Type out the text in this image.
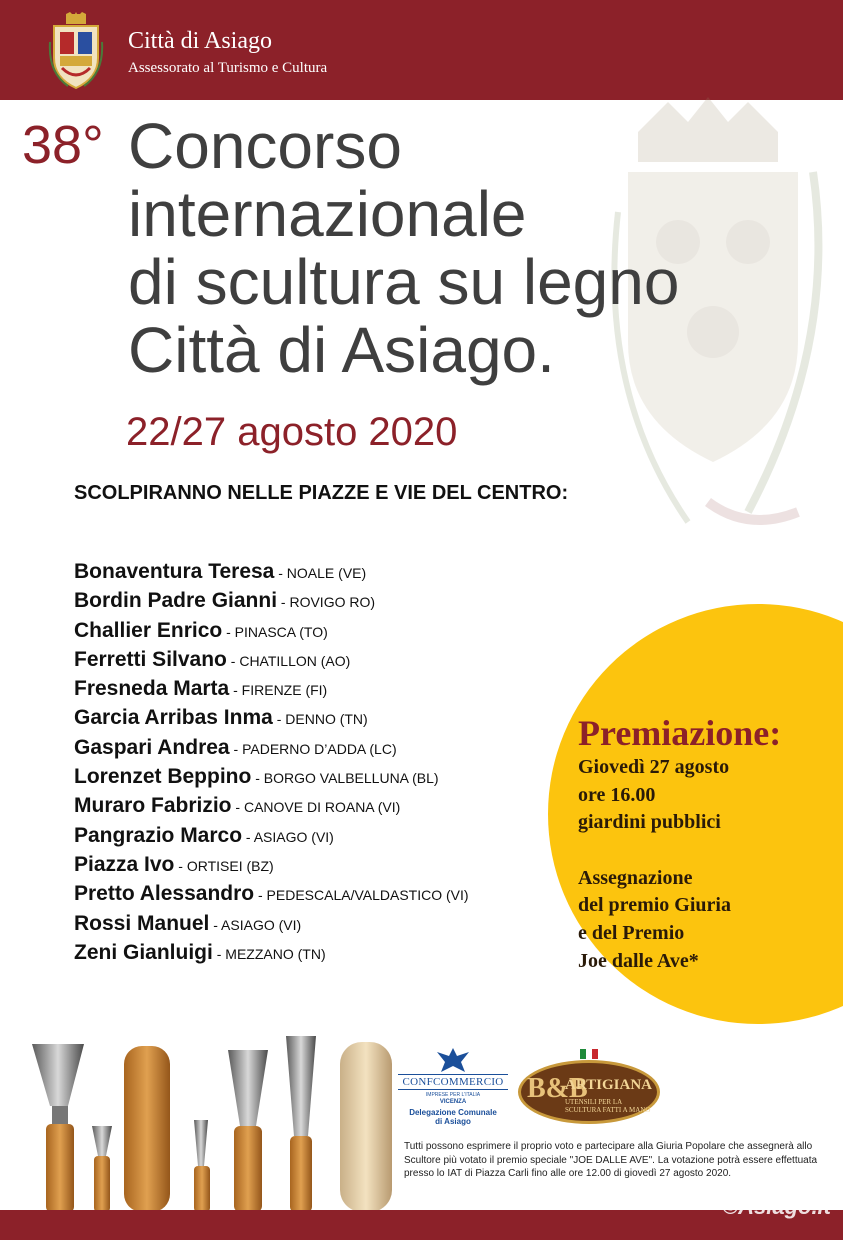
Città di Asiago
Assessorato al Turismo e Cultura
38° Concorso
internazionale
di scultura su legno
Città di Asiago.
22/27 agosto 2020
SCOLPIRANNO NELLE PIAZZE E VIE DEL CENTRO:
Bonaventura Teresa - NOALE (VE)
Bordin Padre Gianni - ROVIGO RO)
Challier Enrico - PINASCA (TO)
Ferretti Silvano - CHATILLON (AO)
Fresneda Marta - FIRENZE (FI)
Garcia Arribas Inma - DENNO (TN)
Gaspari Andrea - PADERNO D’ADDA (LC)
Lorenzet Beppino - BORGO VALBELLUNA (BL)
Muraro Fabrizio - CANOVE DI ROANA (VI)
Pangrazio Marco - ASIAGO (VI)
Piazza Ivo - ORTISEI (BZ)
Pretto Alessandro - PEDESCALA/VALDASTICO (VI)
Rossi Manuel - ASIAGO (VI)
Zeni Gianluigi - MEZZANO (TN)
Premiazione:
Giovedì 27 agosto
ore 16.00
giardini pubblici
Assegnazione
del premio Giuria
e del Premio
Joe dalle Ave*
CONFCOMMERCIO
IMPRESE PER L'ITALIA
VICENZA
Delegazione Comunale
di Asiago
B&B
ARTIGIANA
UTENSILI PER LA SCULTURA FATTI A MANO
Tutti possono esprimere il proprio voto e partecipare alla Giuria Popolare che assegnerà allo Scultore più votato il premio speciale "JOE DALLE AVE". La votazione potrà essere effettuata presso lo IAT di Piazza Carli fino alle ore 12.00 di giovedì 27 agosto 2020.
©Asiago.it
